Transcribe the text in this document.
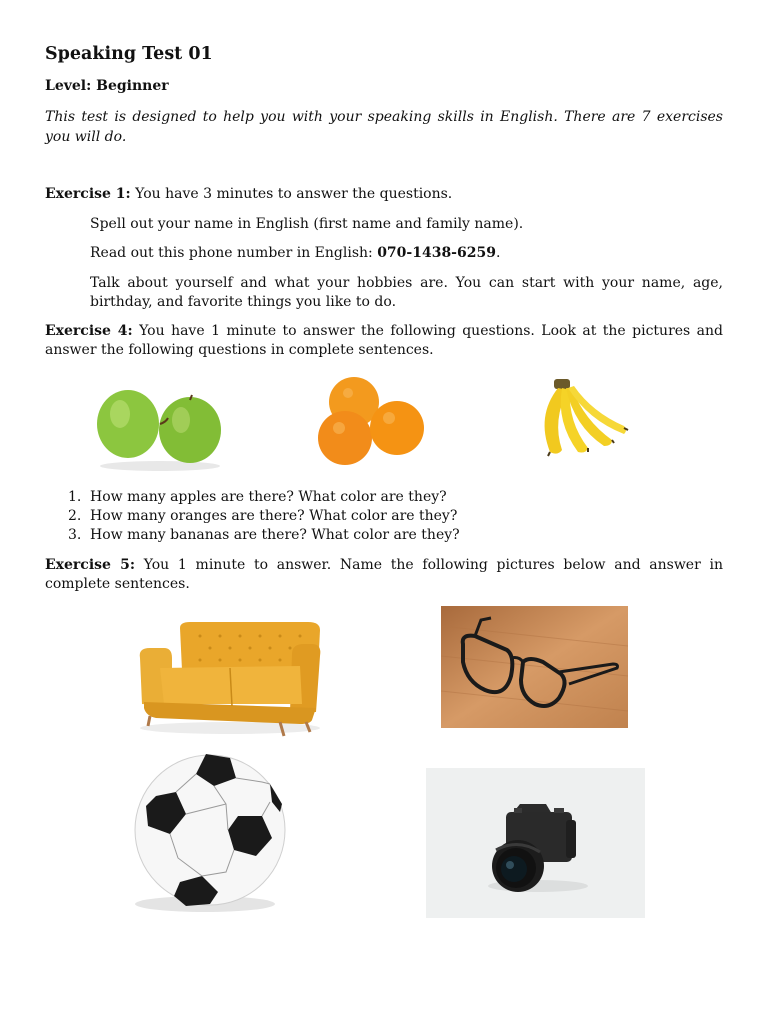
Speaking Test 01
Level: Beginner
This test is designed to help you with your speaking skills in English. There are 7 exercises you will do.
Exercise 1: You have 3 minutes to answer the questions.
Spell out your name in English (first name and family name).
Read out this phone number in English: 070-1438-6259.
Talk about yourself and what your hobbies are. You can start with your name, age, birthday, and favorite things you like to do.
Exercise 4: You have 1 minute to answer the following questions. Look at the pictures and answer the following questions in complete sentences.
1. How many apples are there? What color are they?
2. How many oranges are there? What color are they?
3. How many bananas are there? What color are they?
Exercise 5: You 1 minute to answer. Name the following pictures below and answer in complete sentences.
